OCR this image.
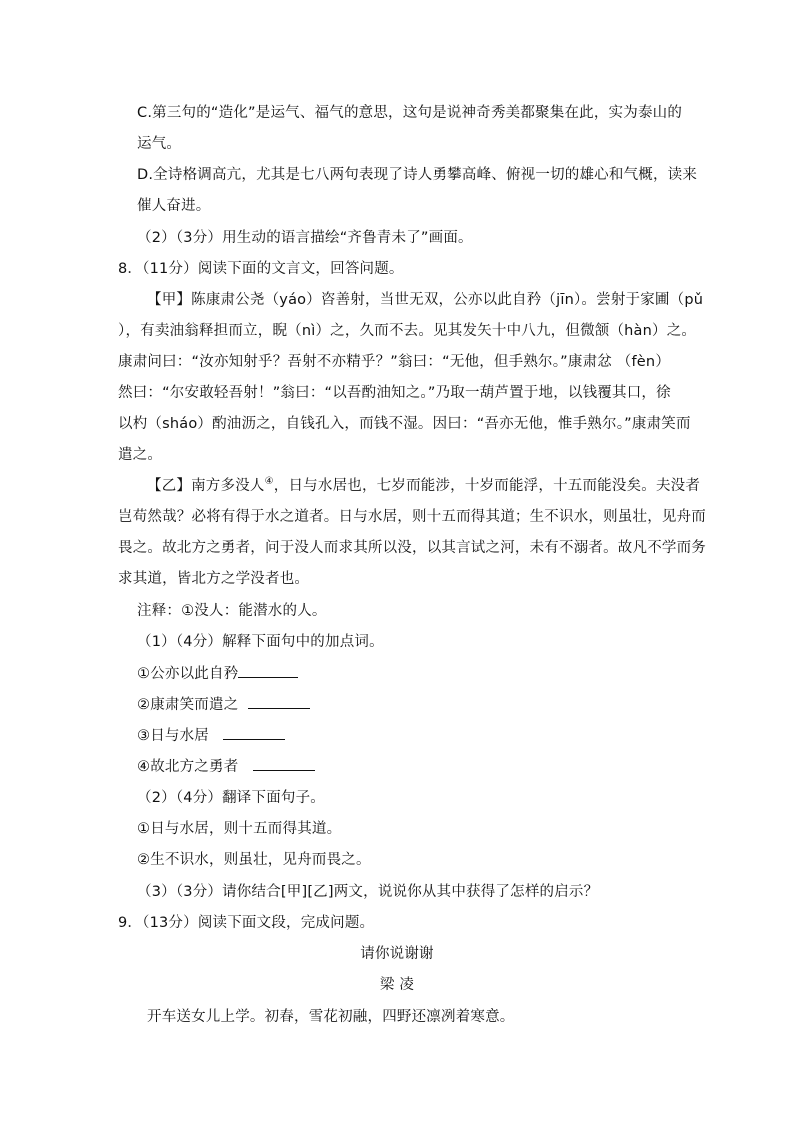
C.第三句的“造化”是运气、福气的意思，这句是说神奇秀美都聚集在此，实为泰山的
运气。
D.全诗格调高亢，尤其是七八两句表现了诗人勇攀高峰、俯视一切的雄心和气概，读来
催人奋进。
（2）（3分）用生动的语言描绘“齐鲁青未了”画面。
8．（11分）阅读下面的文言文，回答问题。
【甲】陈康肃公尧（yáo）咨善射，当世无双，公亦以此自矜（jīn）。尝射于家圃（pǔ
），有卖油翁释担而立，睨（nì）之，久而不去。见其发矢十中八九，但微颔（hàn）之。
康肃问曰：“汝亦知射乎？吾射不亦精乎？”翁曰：“无他，但手熟尔。”康肃忿 （fèn）
然曰：“尔安敢轻吾射！”翁曰：“以吾酌油知之。”乃取一葫芦置于地，以钱覆其口，徐
以杓（sháo）酌油沥之，自钱孔入，而钱不湿。因曰：“吾亦无他，惟手熟尔。”康肃笑而
遣之。
【乙】南方多没人④，日与水居也，七岁而能涉，十岁而能浮，十五而能没矣。夫没者
岂苟然哉？必将有得于水之道者。日与水居，则十五而得其道；生不识水，则虽壮，见舟而
畏之。故北方之勇者，问于没人而求其所以没，以其言试之河，未有不溺者。故凡不学而务
求其道，皆北方之学没者也。
注释：①没人：能潜水的人。
（1）（4分）解释下面句中的加点词。
①公亦以此自矜
②康肃笑而遣之
③日与水居
④故北方之勇者
（2）（4分）翻译下面句子。
①日与水居，则十五而得其道。
②生不识水，则虽壮，见舟而畏之。
（3）（3分）请你结合[甲][乙]两文，说说你从其中获得了怎样的启示？
9．（13分）阅读下面文段，完成问题。
请你说谢谢
梁 凌
开车送女儿上学。初春，雪花初融，四野还凛冽着寒意。
